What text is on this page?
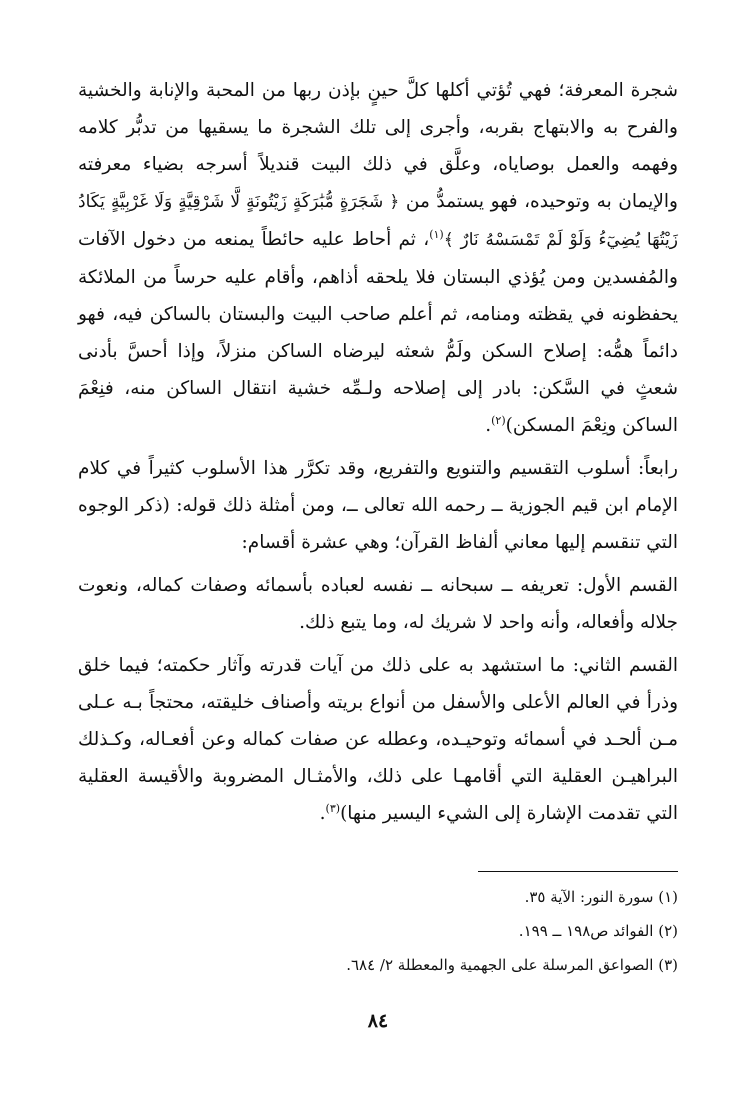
شجرة المعرفة؛ فهي تُؤتي أكلها كلَّ حينٍ بإذن ربها من المحبة والإنابة والخشية والفرح به والابتهاج بقربه، وأجرى إلى تلك الشجرة ما يسقيها من تدبُّر كلامه وفهمه والعمل بوصاياه، وعلَّق في ذلك البيت قنديلاً أسرجه بضياء معرفته والإيمان به وتوحيده، فهو يستمدُّ من ﴿ شَجَرَةٍ مُّبَٰرَكَةٍ زَيْتُونَةٍ لَّا شَرْقِيَّةٍ وَلَا غَرْبِيَّةٍ يَكَادُ زَيْتُهَا يُضِيٓءُ وَلَوْ لَمْ تَمْسَسْهُ نَارٌ ﴾$^{(١)}$، ثم أحاط عليه حائطاً يمنعه من دخول الآفات والمُفسدين ومن يُؤذي البستان فلا يلحقه أذاهم، وأقام عليه حرساً من الملائكة يحفظونه في يقظته ومنامه، ثم أعلم صاحب البيت والبستان بالساكن فيه، فهو دائماً همُّه: إصلاح السكن ولَمُّ شعثه ليرضاه الساكن منزلاً، وإذا أحسَّ بأدنى شعثٍ في السَّكن: بادر إلى إصلاحه ولـمِّه خشية انتقال الساكن منه، فنِعْمَ الساكن ونِعْمَ المسكن)$^{(٢)}$.

رابعاً: أسلوب التقسيم والتنويع والتفريع، وقد تكرَّر هذا الأسلوب كثيراً في كلام الإمام ابن قيم الجوزية ــ رحمه الله تعالى ــ، ومن أمثلة ذلك قوله: (ذكر الوجوه التي تنقسم إليها معاني ألفاظ القرآن؛ وهي عشرة أقسام:

القسم الأول: تعريفه ــ سبحانه ــ نفسه لعباده بأسمائه وصفات كماله، ونعوت جلاله وأفعاله، وأنه واحد لا شريك له، وما يتبع ذلك.

القسم الثاني: ما استشهد به على ذلك من آيات قدرته وآثار حكمته؛ فيما خلق وذرأ في العالم الأعلى والأسفل من أنواع بريته وأصناف خليقته، محتجاً بـه عـلى مـن ألحـد في أسمائه وتوحيـده، وعطله عن صفات كماله وعن أفعـاله، وكـذلك البراهيـن العقلية التي أقامهـا على ذلك، والأمثـال المضروبة والأقيسة العقلية التي تقدمت الإشارة إلى الشيء اليسير منها)$^{(٣)}$.

(١) سورة النور: الآية ٣٥.
(٢) الفوائد ص١٩٨ ــ ١٩٩.
(٣) الصواعق المرسلة على الجهمية والمعطلة ٢/ ٦٨٤.
٨٤
